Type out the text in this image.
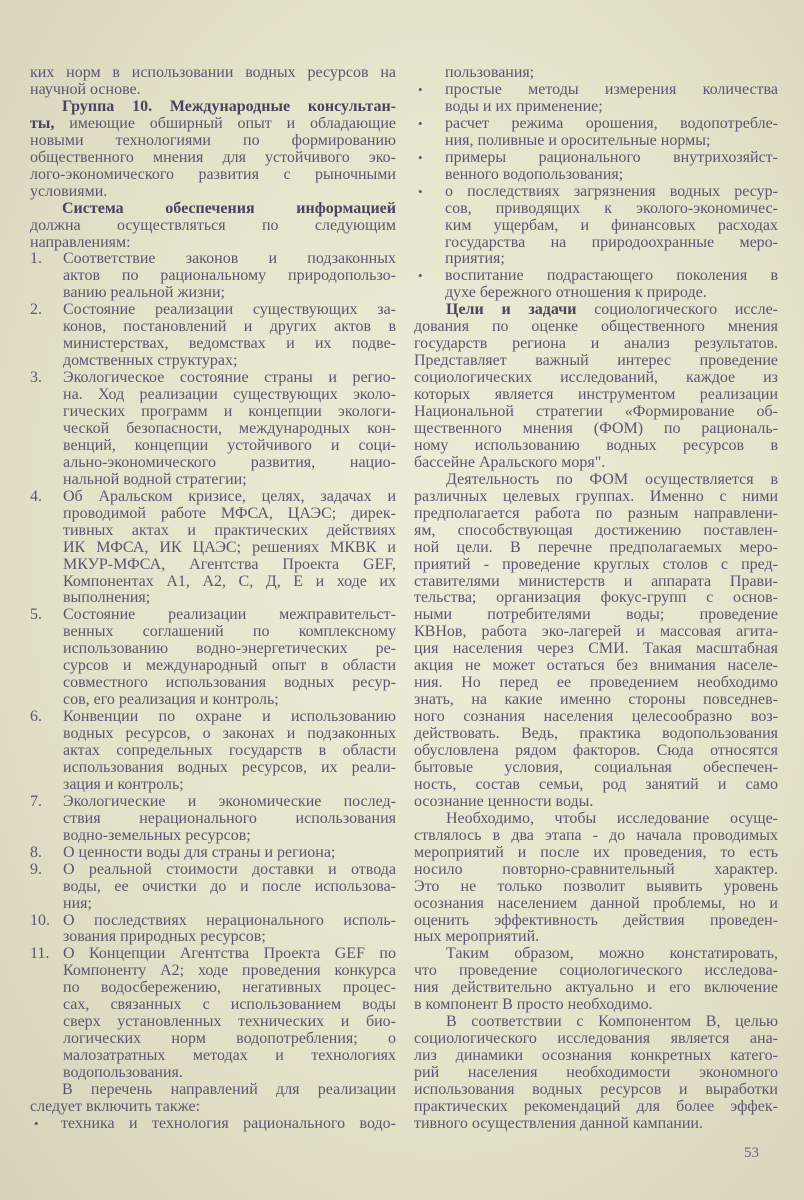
ких норм в использовании водных ресурсов на
научной основе.
Группа 10. Международные консультан-
ты, имеющие обширный опыт и обладающие
новыми технологиями по формированию
общественного мнения для устойчивого эко-
лого-экономического развития с рыночными
условиями.
Система обеспечения информацией
должна осуществляться по следующим
направлениям:
1. Соответствие законов и подзаконных
актов по рациональному природопользо-
ванию реальной жизни;
2. Состояние реализации существующих за-
конов, постановлений и других актов в
министерствах, ведомствах и их подве-
домственных структурах;
3. Экологическое состояние страны и регио-
на. Ход реализации существующих эколо-
гических программ и концепции экологи-
ческой безопасности, международных кон-
венций, концепции устойчивого и соци-
ально-экономического развития, нацио-
нальной водной стратегии;
4. Об Аральском кризисе, целях, задачах и
проводимой работе МФСА, ЦАЭС; дирек-
тивных актах и практических действиях
ИК МФСА, ИК ЦАЭС; решениях МКВК и
МКУР-МФСА, Агентства Проекта GEF,
Компонентах А1, А2, С, Д, Е и ходе их
выполнения;
5. Состояние реализации межправительст-
венных соглашений по комплексному
использованию водно-энергетических ре-
сурсов и международный опыт в области
совместного использования водных ресур-
сов, его реализация и контроль;
6. Конвенции по охране и использованию
водных ресурсов, о законах и подзаконных
актах сопредельных государств в области
использования водных ресурсов, их реали-
зация и контроль;
7. Экологические и экономические послед-
ствия нерационального использования
водно-земельных ресурсов;
8. О ценности воды для страны и региона;
9. О реальной стоимости доставки и отвода
воды, ее очистки до и после использова-
ния;
10. О последствиях нерационального исполь-
зования природных ресурсов;
11. О Концепции Агентства Проекта GEF по
Компоненту А2; ходе проведения конкурса
по водосбережению, негативных процес-
сах, связанных с использованием воды
сверх установленных технических и био-
логических норм водопотребления; о
малозатратных методах и технологиях
водопользования.
В перечень направлений для реализации
следует включить также:
• техника и технология рационального водо-
пользования;
• простые методы измерения количества
воды и их применение;
• расчет режима орошения, водопотребле-
ния, поливные и оросительные нормы;
• примеры рационального внутрихозяйст-
венного водопользования;
• о последствиях загрязнения водных ресур-
сов, приводящих к эколого-экономичес-
ким ущербам, и финансовых расходах
государства на природоохранные меро-
приятия;
• воспитание подрастающего поколения в
духе бережного отношения к природе.
Цели и задачи социологического иссле-
дования по оценке общественного мнения
государств региона и анализ результатов.
Представляет важный интерес проведение
социологических исследований, каждое из
которых является инструментом реализации
Национальной стратегии «Формирование об-
щественного мнения (ФОМ) по рациональ-
ному использованию водных ресурсов в
бассейне Аральского моря".
Деятельность по ФОМ осуществляется в
различных целевых группах. Именно с ними
предполагается работа по разным направлени-
ям, способствующая достижению поставлен-
ной цели. В перечне предполагаемых меро-
приятий - проведение круглых столов с пред-
ставителями министерств и аппарата Прави-
тельства; организация фокус-групп с основ-
ными потребителями воды; проведение
КВНов, работа эко-лагерей и массовая агита-
ция населения через СМИ. Такая масштабная
акция не может остаться без внимания населе-
ния. Но перед ее проведением необходимо
знать, на какие именно стороны повседнев-
ного сознания населения целесообразно воз-
действовать. Ведь, практика водопользования
обусловлена рядом факторов. Сюда относятся
бытовые условия, социальная обеспечен-
ность, состав семьи, род занятий и само
осознание ценности воды.
Необходимо, чтобы исследование осуще-
ствлялось в два этапа - до начала проводимых
мероприятий и после их проведения, то есть
носило повторно-сравнительный характер.
Это не только позволит выявить уровень
осознания населением данной проблемы, но и
оценить эффективность действия проведен-
ных мероприятий.
Таким образом, можно констатировать,
что проведение социологического исследова-
ния действительно актуально и его включение
в компонент В просто необходимо.
В соответствии с Компонентом В, целью
социологического исследования является ана-
лиз динамики осознания конкретных катего-
рий населения необходимости экономного
использования водных ресурсов и выработки
практических рекомендаций для более эффек-
тивного осуществления данной кампании.
53
